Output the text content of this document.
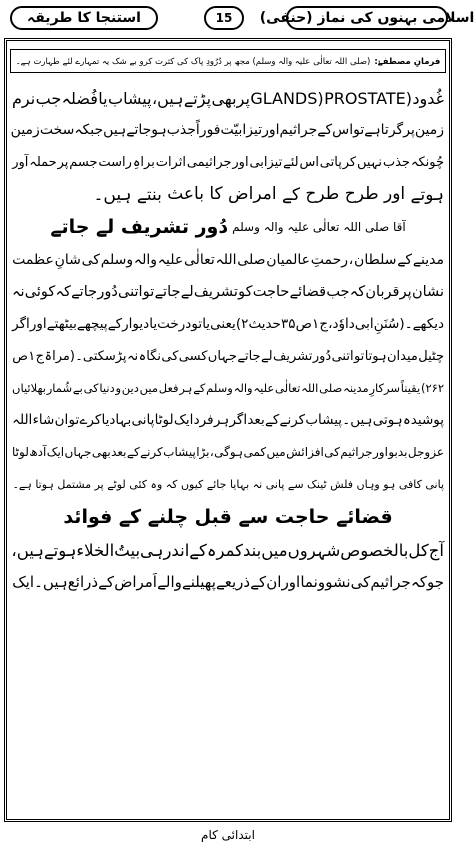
استنجا کا طریقہ	15 اسلامی بہنوں کی نماز (حنفی)
فرمانِ مصطفےٰ:
(صلی اللہ تعالٰی علیہ والہ وسلم) مجھ پر دُرُودِ پاک کی کثرت کرو بے شک یہ تمہارے لئے طہارت ہے۔
غُدود
(PROSTATE
GLANDS)
پربھی
پڑتے
ہیں،
پیشاب
یا
فُضلہ
جب
نرم
زمین
پر
گرتا
ہے
تو
اس
کے
جراثیم
اور
تیزابیّت
فوراً
جذب
ہو
جاتے
ہیں
جبکہ
سخت
زمین
چُونکہ
جذب
نہیں
کر
پاتی
اس
لئے
تیزابی
اور
جراثیمی
اثرات
براہِ
راست
جسم
پر
حملہ
آور
ہوتے
اور
طرح
طرح
کے
امراض
کا
باعث
بنتے
ہیں۔
آقا صلی اللہ تعالٰی علیہ والہ وسلم
دُور تشریف لے جاتے
مدینے
کے
سلطان
،
رحمتِ
عالمیان
صلی
اللہ
تعالٰی
علیہ
والہ
وسلم
کی
شانِ
عظمت
نشان
پر
قربان
کہ
جب
قضائے
حاجت
کو
تشریف
لے
جاتے
تو
اتنی
دُور
جاتے
کہ
کوئی
نہ
دیکھے۔
(سُنَنِ
ابی
داوٗد،
ج
۱
ص
۳۵
حدیث
۲)
یعنی
یا
تو
درخت
یا
دیوار
کے
پیچھے
بیٹھتے
اور
اگر
چٹیل
میدان
ہوتا
تو
اتنی
دُور
تشریف
لے
جاتے
جہاں
کسی
کی
نگاہ
نہ
پڑسکتی۔
(مراۃ
ج
۱
ص
۲۶۲)
یقیناً
سرکارِ
مدینہ
صلی
اللہ
تعالٰی
علیہ
والہ
وسلم
کے
ہر
فعل
میں
دین
و
دنیا
کی
بے
شُمار
بھلائیاں
پوشیدہ
ہوتی
ہیں۔
پیشاب
کرنے
کے
بعد
اگر
ہر
فرد
ایک
لوٹا
پانی
بہادیا
کرے
تو
ان
شاء
اللہ
عزوجل
بدبو
اور
جراثیم
کی
افزائش
میں
کمی
ہوگی
،
بڑا
پیشاب
کرنے
کے
بعد
بھی
جہاں
ایک
آدھ
لوٹا
پانی
کافی
ہو
وہاں
فلش
ٹینک
سے
پانی
نہ
بہایا
جائے
کیوں
کہ
وہ
کئی
لوٹے
پر
مشتمل
ہوتا
ہے۔
قضائے حاجت سے قبل چلنے کے فوائد
آج
کل
بالخصوص
شہروں
میں
بند
کمرہ
کے
اندر
ہی
بیتُ
الخلاء
ہوتے
ہیں
،
جو
کہ
جراثیم
کی
نشو
و
نما
اور
ان
کے
ذریعے
پھیلنے
والے
اَمراض
کے
ذرائع
ہیں۔
ایک
ابتدائی کام
